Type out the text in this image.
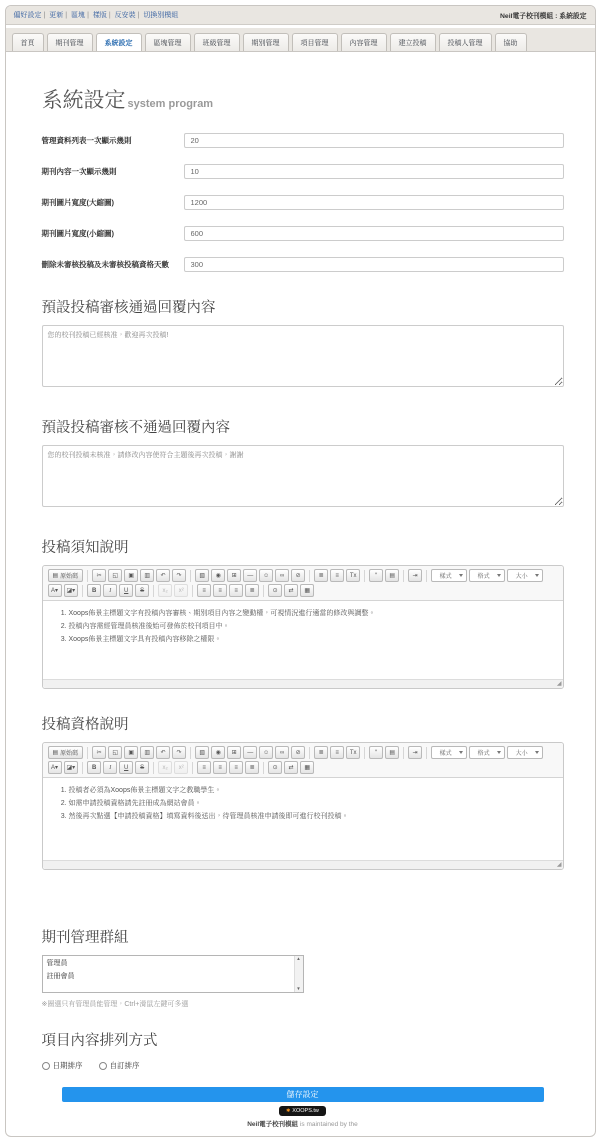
偏好設定 | 更新 | 區塊 | 樣版 | 反安裝 | 切換別模組	Neil電子校刊模組 : 系統設定
首頁	期刊管理	系統設定	區塊管理	班級管理	期別管理	項目管理	內容管理	建立投稿	投稿人管理	協助
系統設定 system program
管理資料列表一次顯示幾則
20
期刊內容一次顯示幾則
10
期刊圖片寬度(大縮圖)
1200
期刊圖片寬度(小縮圖)
600
刪除未審核投稿及未審核投稿資格天數
300
預設投稿審核通過回覆內容
您的校刊投稿已經核准，歡迎再次投稿!
預設投稿審核不通過回覆內容
您的校刊投稿未核准，請修改內容使符合主題後再次投稿，謝謝
投稿須知說明
▤ 原始碼	✂ ◱ ▣ ▥ ↶ ↷	▧ ◉ ⊞ ― ☺ ∞ ⊘	≣ ≡ Tx	“ ▤	⇥	樣式	格式	大小
A▾ ◪▾	B I U S	x₂ x²	≡ ≡ ≡ ≣	⊙ ⇄ ▦
1. Xoops佈景主標題文字有投稿內容審核、期別項目內容之變動權，可視情況進行適當的修改與調整。
2. 投稿內容需經管理員核准後始可發佈於校刊項目中。
3. Xoops佈景主標題文字具有投稿內容移除之權限。
◢
投稿資格說明
▤ 原始碼	✂ ◱ ▣ ▥ ↶ ↷	▧ ◉ ⊞ ― ☺ ∞ ⊘	≣ ≡ Tx	“ ▤	⇥	樣式	格式	大小
A▾ ◪▾	B I U S	x₂ x²	≡ ≡ ≡ ≣	⊙ ⇄ ▦
1. 投稿者必須為Xoops佈景主標題文字之教職學生。
2. 如需申請投稿資格請先註冊成為網站會員。
3. 然後再次點選【申請投稿資格】填寫資料後送出，待管理員核准申請後即可進行校刊投稿。
◢
期刊管理群組
管理員
註冊會員
▲
▼
※圈選只有管理員能管理，Ctrl+滑鼠左鍵可多選
項目內容排列方式
日期排序	自訂排序
儲存設定
✱ XOOPS.tw
Neil電子校刊模組 is maintained by the
